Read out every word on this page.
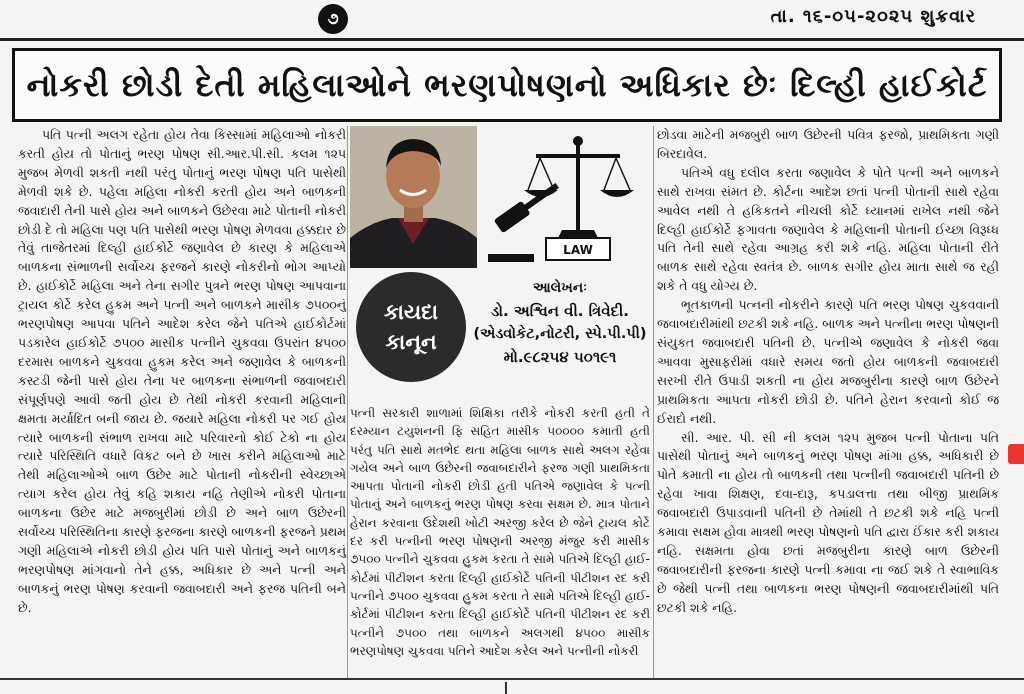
૭	તા. ૧૬-૦૫-૨૦૨૫ શુક્રવાર
નોકરી છોડી દેતી મહિલાઓને ભરણપોષણનો અધિકાર છેઃ દિલ્હી હાઈકોર્ટ

પતિ પત્ની અલગ રહેતા હોય તેવા કિસ્સામાં મહિલાઓ નોકરી કરતી હોય તો પોતાનું ભરણ પોષણ સી.આર.પી.સી. કલમ ૧૨૫ મુજબ મેળવી શકતી નથી પરંતુ પોતાનું ભરણ પોષણ પતિ પાસેથી મેળવી શકે છે. પહેલા મહિલા નોકરી કરતી હોય અને બાળકની જવાદારી તેની પાસે હોય અને બાળકને ઉછેરવા માટે પોતાની નોકરી છોડી દે તો મહિલા પણ પતિ પાસેથી ભરણ પોષણ મેળવવા હક્કદાર છે તેવું તાજેતરમાં દિલ્હી હાઈકોર્ટે જણાવેલ છે કારણ કે મહિલાએ બાળકના સંભાળની સર્વોચ્ચ ફરજને કારણે નોકરીનો ભોગ આપ્યો છે. હાઈકોર્ટે મહિલા અને તેના સગીર પુત્રને ભરણ પોષણ આપવાના ટ્રાયલ કોર્ટે કરેલ હુકમ અને પત્ની અને બાળકને માસીક ૭૫૦૦નું ભરણપોષણ આપવા પતિને આદેશ કરેલ જેને પતિએ હાઈકોર્ટમાં પડકારેલ હાઈકોર્ટે ૭૫૦૦ માસીક પત્નીને ચુકવવા ઉપરાંત ૪૫૦૦ દરમાસ બાળકને ચુકવવા હુકમ કરેલ અને જણાવેલ કે બાળકની કસ્ટડી જેની પાસે હોય તેના પર બાળકના સંભાળની જવાબદારી સંપૂર્ણપણે આવી જતી હોય છે તેથી નોકરી કરવાની મહિલાની ક્ષમતા મર્યાદિત બની જાય છે. જયારે મહિલા નોકરી પર ગઈ હોય ત્યારે બાળકની સંભાળ રાખવા માટે પરિવારનો કોઈ ટેકો ના હોય ત્યારે પરિસ્થિતિ વધારે વિકટ બને છે ખાસ કરીને મહિલાઓ માટે તેથી મહિલાઓએ બાળ ઉછેર માટે પોતાની નોકરીની સ્વેચ્છાએ ત્યાગ કરેલ હોય તેવું કહિ શકાય નહિ તેણીએ નોકરી પોતાના બાળકના ઉછેર માટે મજબુરીમાં છોડી છે અને બાળ ઉછેરની સર્વોચ્ચ પરિસ્થિતિના કારણે ફરજના કારણે બાળકની ફરજને પ્રથમ ગણી મહિલાએ નોકરી છોડી હોય પતિ પાસે પોતાનું અને બાળકનું ભરણપોષણ માંગવાનો તેને હક્ક, અધિકાર છે અને પત્ની અને બાળકનું ભરણ પોષણ કરવાની જવાબદારી અને ફરજ પતિની બને છે.

LAW
કાયદા
કાનૂન
આલેખનઃ
ડો. અશ્વિન વી. ત્રિવેદી.
(એડવોકેટ,નોટરી, સ્પે.પી.પી)
મો.૯૮૨૫૪ ૫૦૧૯૧

પત્ની સરકારી શાળામાં શિક્ષિકા તરીકે નોકરી કરતી હતી તે દરમ્યાન ટયુશનની ફિ સહિત માસીક ૫૦૦૦૦ કમાતી હતી પરંતુ પતિ સાથે મતભેદ થતા મહિલા બાળક સાથે અલગ રહેવા ગયેલ અને બાળ ઉછેરની જવાબદારીને ફરજ ગણી પ્રાથમિકતા આપતા પોતાની નોકરી છોડી હતી પતિએ જણાવેલ કે પત્ની પોતાનું અને બાળકનું ભરણ પોષણ કરવા સક્ષમ છે. માત્ર પોતાને હેરાન કરવાના ઉદેશથી ખોટી અરજી કરેલ છે જેને ટ્રાયલ કોર્ટે દર કરી પત્નીની ભરણ પોષણની અરજી મંજુર કરી માસીક ૭૫૦૦ પત્નીને ચુકવવા હુકમ કરતા તે સામે પતિએ દિલ્હી હાઈ-કોર્ટમાં પીટીશન કરતા દિલ્હી હાઈકોર્ટે પતિની પીટીશન રદ કરી પત્નીને ૭૫૦૦ ચુકવવા હુકમ કરતા તે સામે પતિએ દિલ્હી હાઈ-કોર્ટમાં પીટીશન કરતા દિલ્હી હાઈકોર્ટે પતિની પીટીશન રદ કરી પત્નીને ૭૫૦૦ તથા બાળકને અલગથી ૪૫૦૦ માસીક ભરણપોષણ ચુકવવા પતિને આદેશ કરેલ અને પત્નીની નોકરી

છોડવા માટેની મજબુરી બાળ ઉછેરની પવિત્ર ફરજો, પ્રાથમિકતા ગણી બિરદાવેલ.

પતિએ વધુ દલીલ કરતા જણાવેલ કે પોતે પત્ની અને બાળકને સાથે રાખવા સંમત છે. કોર્ટના આદેશ છતાં પત્ની પોતાની સાથે રહેવા આવેલ નથી તે હકિકતને નીચલી કોર્ટે ધ્યાનમાં રાખેલ નથી જેને દિલ્હી હાઈકોર્ટે ફગાવતા જણાવેલ કે મહિલાની પોતાની ઈચ્છા વિરૂધ્ધ પતિ તેની સાથે રહેવા આગ્રહ કરી શકે નહિ. મહિલા પોતાની રીતે બાળક સાથે રહેવા સ્વતંત્ર છે. બાળક સગીર હોય માતા સાથે જ રહી શકે તે વધુ યોગ્ય છે.

ભૂતકાળની પત્નની નોકરીને કારણે પતિ ભરણ પોષણ ચુકવવાની જવાબદારીમાંથી છટકી શકે નહિ. બાળક અને પત્નીના ભરણ પોષણની સંયુકત જવાબદારી પતિની છે. પત્નીએ જણાવેલ કે નોકરી જવા આવવા મુસાફરીમાં વધારે સમય જતો હોય બાળકની જવાબદારી સરખી રીતે ઉપાડી શકતી ના હોય મજબુરીના કારણે બાળ ઉછેરને પ્રાથમિકતા આપતા નોકરી છોડી છે. પતિને હેરાન કરવાનો કોઈ જ ઈરાદો નથી.

સી. આર. પી. સી ની કલમ ૧૨૫ મુજબ પત્ની પોતાના પતિ પાસેથી પોતાનું અને બાળકનું ભરણ પોષણ માંગા હક્ક, અધિકારી છે પોતે કમાતી ના હોય તો બાળકની તથા પત્નીની જવાબદારી પતિની છે રહેવા ખાવા શિક્ષણ, દવા-દારૂ, કપડાલત્તા તથા બીજી પ્રાથમિક જવાબદારી ઉપાડવાની પતિની છે તેમાંથી તે છટકી શકે નહિ પત્ની કમાવા સક્ષમ હોવા માત્રથી ભરણ પોષણનો પતિ દ્વારા ઈંકાર કરી શકાય નહિ. સક્ષમતા હોવા છતાં મજબુરીના કારણે બાળ ઉછેરની જવાબદારીની ફરજના કારણે પત્ની કમાવા ના જઈ શકે તે સ્વાભાવિક છે જેથી પત્ની તથા બાળકના ભરણ પોષણની જવાબદારીમાંથી પતિ છટકી શકે નહિ.
